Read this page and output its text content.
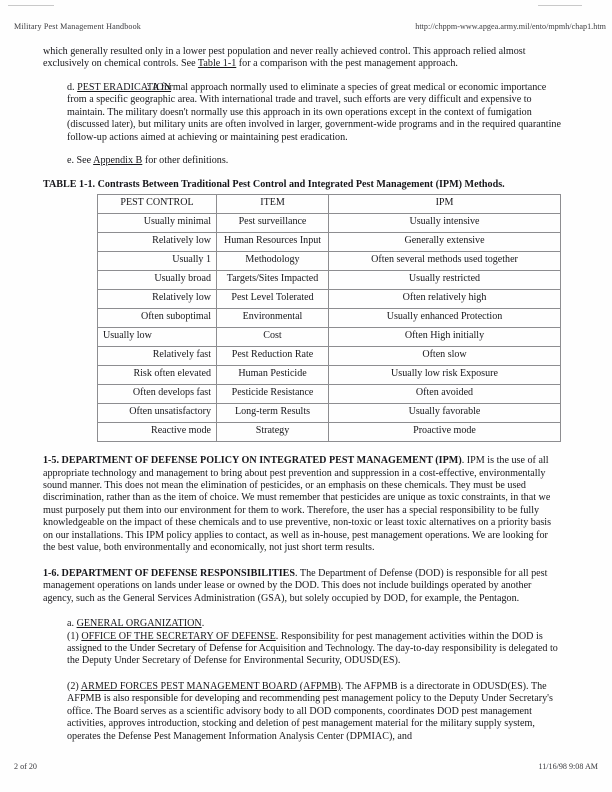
Military Pest Management Handbook	http://chppm-www.apgea.army.mil/ento/mpmh/chap1.htm

which generally resulted only in a lower pest population and never really achieved control. This approach relied almost exclusively on chemical controls. See Table 1-1 for a comparison with the pest management approach.

d. PEST ERADICATION: A formal approach normally used to eliminate a species of great medical or economic importance from a specific geographic area. With international trade and travel, such efforts are very difficult and expensive to maintain. The military doesn't normally use this approach in its own operations except in the context of fumigation (discussed later), but military units are often involved in larger, government-wide programs and in the required quarantine follow-up actions aimed at achieving or maintaining pest eradication.

e. See Appendix B for other definitions.

TABLE 1-1. Contrasts Between Traditional Pest Control and Integrated Pest Management (IPM) Methods.

PEST CONTROL	ITEM	IPM
Usually minimal	Pest surveillance	Usually intensive
Relatively low	Human Resources Input	Generally extensive
Usually 1	Methodology	Often several methods used together
Usually broad	Targets/Sites Impacted	Usually restricted
Relatively low	Pest Level Tolerated	Often relatively high
Often suboptimal	Environmental	Usually enhanced Protection
Usually low	Cost	Often High initially
Relatively fast	Pest Reduction Rate	Often slow
Risk often elevated	Human Pesticide	Usually low risk Exposure
Often develops fast	Pesticide Resistance	Often avoided
Often unsatisfactory	Long-term Results	Usually favorable
Reactive mode	Strategy	Proactive mode

1-5. DEPARTMENT OF DEFENSE POLICY ON INTEGRATED PEST MANAGEMENT (IPM). IPM is the use of all appropriate technology and management to bring about pest prevention and suppression in a cost-effective, environmentally sound manner. This does not mean the elimination of pesticides, or an emphasis on these chemicals. They must be used discrimination, rather than as the item of choice. We must remember that pesticides are unique as toxic constraints, in that we must purposely put them into our environment for them to work. Therefore, the user has a special responsibility to be fully knowledgeable on the impact of these chemicals and to use preventive, non-toxic or least toxic alternatives on a priority basis on our installations. This IPM policy applies to contact, as well as in-house, pest management operations. We are looking for the best value, both environmentally and economically, not just short term results.

1-6. DEPARTMENT OF DEFENSE RESPONSIBILITIES. The Department of Defense (DOD) is responsible for all pest management operations on lands under lease or owned by the DOD. This does not include buildings operated by another agency, such as the General Services Administration (GSA), but solely occupied by DOD, for example, the Pentagon.

a. GENERAL ORGANIZATION.

(1) OFFICE OF THE SECRETARY OF DEFENSE. Responsibility for pest management activities within the DOD is assigned to the Under Secretary of Defense for Acquisition and Technology. The day-to-day responsibility is delegated to the Deputy Under Secretary of Defense for Environmental Security, ODUSD(ES).

(2) ARMED FORCES PEST MANAGEMENT BOARD (AFPMB). The AFPMB is a directorate in ODUSD(ES). The AFPMB is also responsible for developing and recommending pest management policy to the Deputy Under Secretary's office. The Board serves as a scientific advisory body to all DOD components, coordinates DOD pest management activities, approves introduction, stocking and deletion of pest management material for the military supply system, operates the Defense Pest Management Information Analysis Center (DPMIAC), and

2 of 20	11/16/98 9:08 AM
